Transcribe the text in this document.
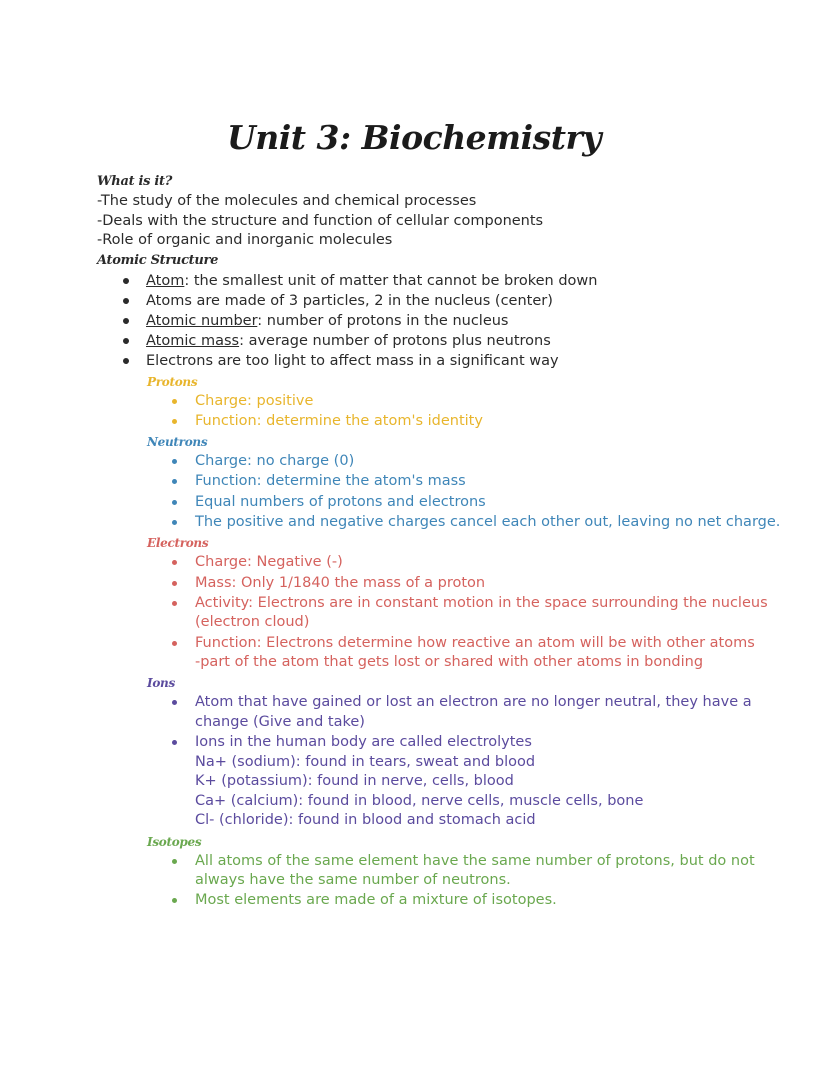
Unit 3: Biochemistry
What is it?
-The study of the molecules and chemical processes
-Deals with the structure and function of cellular components
-Role of organic and inorganic molecules
Atomic Structure
Atom: the smallest unit of matter that cannot be broken down
Atoms are made of 3 particles, 2 in the nucleus (center)
Atomic number: number of protons in the nucleus
Atomic mass: average number of protons plus neutrons
Electrons are too light to affect mass in a significant way
Protons
Charge: positive
Function: determine the atom's identity
Neutrons
Charge: no charge (0)
Function: determine the atom's mass
Equal numbers of protons and electrons
The positive and negative charges cancel each other out, leaving no net charge.
Electrons
Charge: Negative (-)
Mass: Only 1/1840 the mass of a proton
Activity: Electrons are in constant motion in the space surrounding the nucleus (electron cloud)
Function: Electrons determine how reactive an atom will be with other atoms
-part of the atom that gets lost or shared with other atoms in bonding
Ions
Atom that have gained or lost an electron are no longer neutral, they have a change (Give and take)
Ions in the human body are called electrolytes
Na+ (sodium): found in tears, sweat and blood
K+ (potassium): found in nerve, cells, blood
Ca+ (calcium): found in blood, nerve cells, muscle cells, bone
Cl- (chloride): found in blood and stomach acid
Isotopes
All atoms of the same element have the same number of protons, but do not always have the same number of neutrons.
Most elements are made of a mixture of isotopes.
